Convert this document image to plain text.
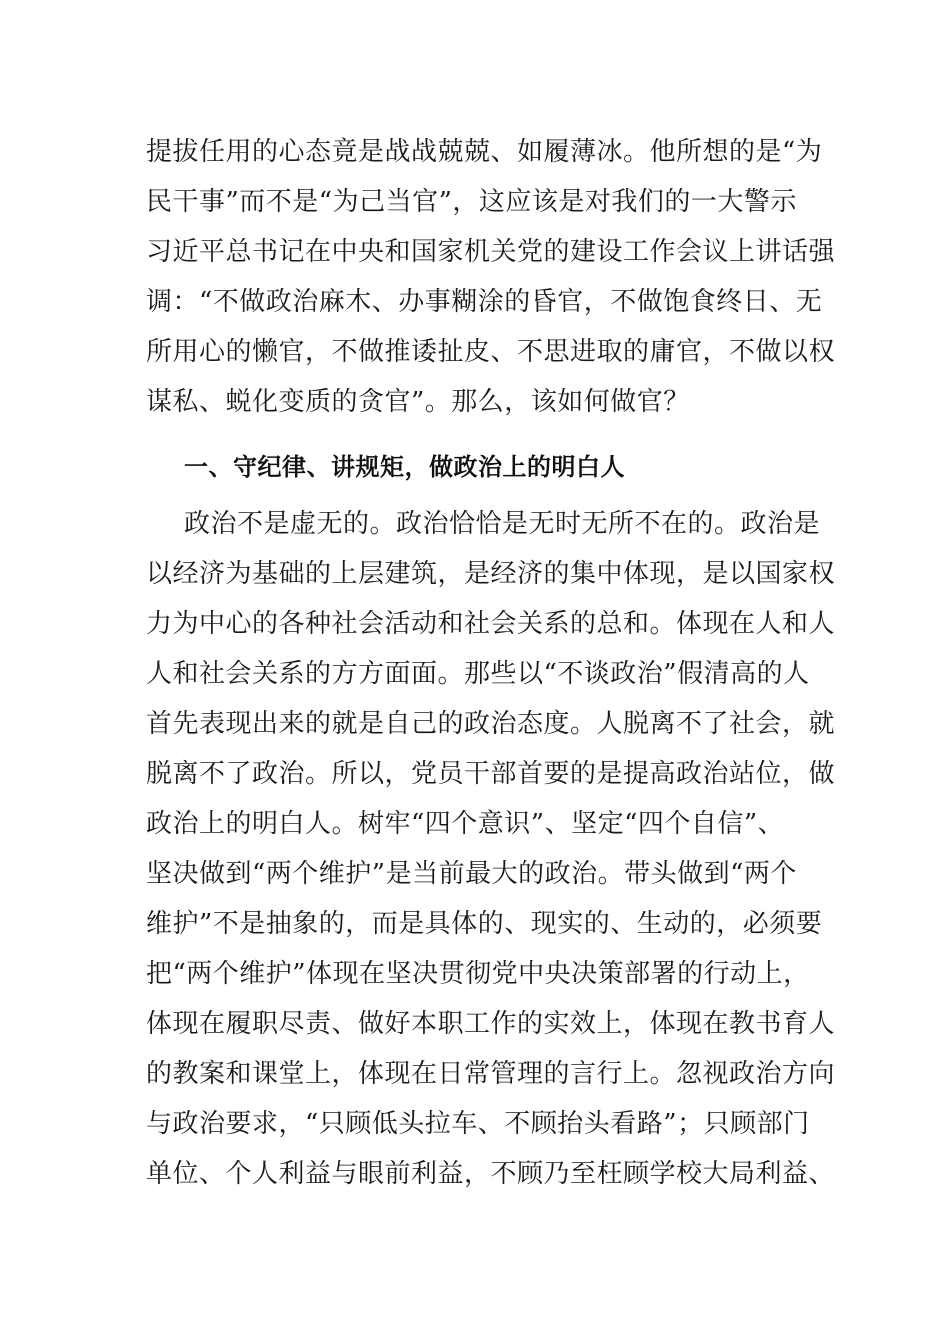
提拔任用的心态竟是战战兢兢、如履薄冰。他所想的是“为
民干事”而不是“为己当官”，这应该是对我们的一大警示
习近平总书记在中央和国家机关党的建设工作会议上讲话强
调：“不做政治麻木、办事糊涂的昏官，不做饱食终日、无
所用心的懒官，不做推诿扯皮、不思进取的庸官，不做以权
谋私、蜕化变质的贪官”。那么，该如何做官？
一、守纪律、讲规矩，做政治上的明白人
政治不是虚无的。政治恰恰是无时无所不在的。政治是
以经济为基础的上层建筑，是经济的集中体现，是以国家权
力为中心的各种社会活动和社会关系的总和。体现在人和人
人和社会关系的方方面面。那些以“不谈政治”假清高的人
首先表现出来的就是自己的政治态度。人脱离不了社会，就
脱离不了政治。所以，党员干部首要的是提高政治站位，做
政治上的明白人。树牢“四个意识”、坚定“四个自信”、
坚决做到“两个维护”是当前最大的政治。带头做到“两个
维护”不是抽象的，而是具体的、现实的、生动的，必须要
把“两个维护”体现在坚决贯彻党中央决策部署的行动上，
体现在履职尽责、做好本职工作的实效上，体现在教书育人
的教案和课堂上，体现在日常管理的言行上。忽视政治方向
与政治要求，“只顾低头拉车、不顾抬头看路”；只顾部门
单位、个人利益与眼前利益，不顾乃至枉顾学校大局利益、
